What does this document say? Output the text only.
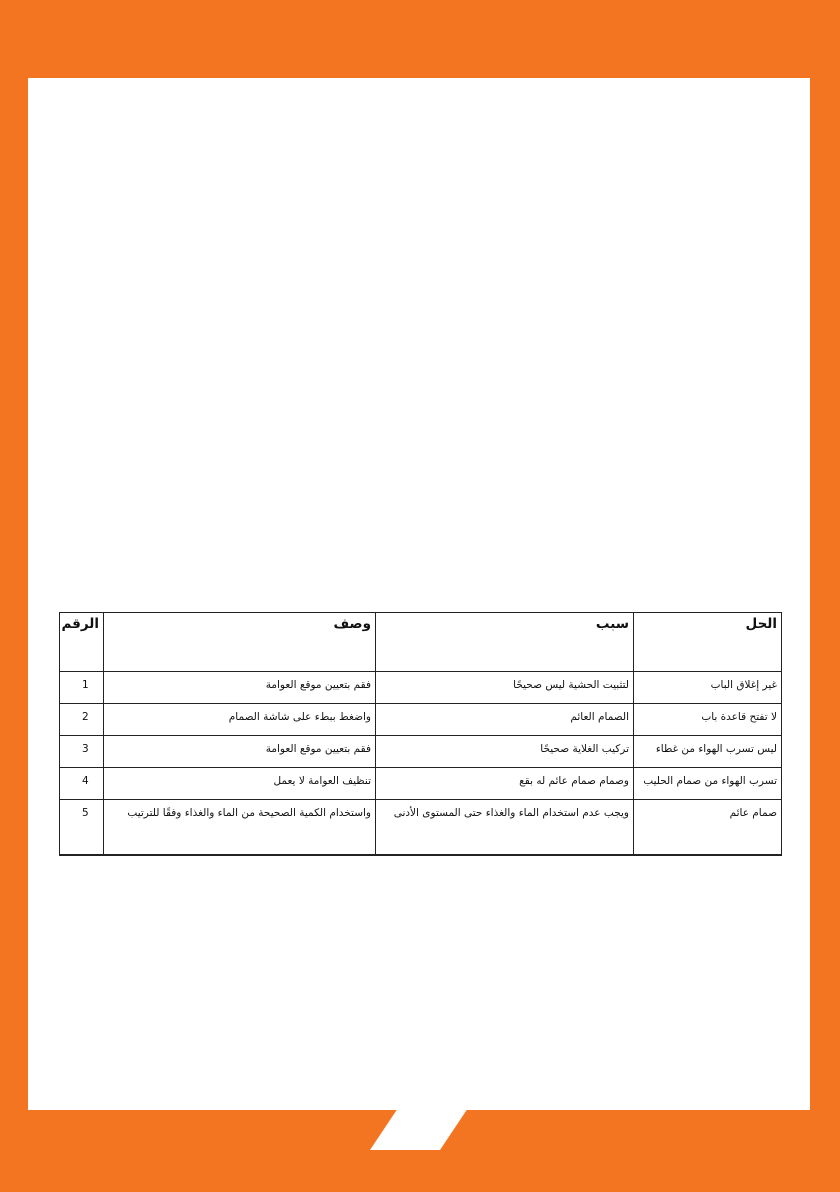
الحل	سبب	وصف	الرقم
غير إغلاق الباب	لتثبيت الحشية ليس صحيحًا	فقم بتعيين موقع العوامة	1
لا تفتح قاعدة باب	الصمام العائم	واضغط ببطء على شاشة الصمام	2
ليس تسرب الهواء من غطاء	تركيب الغلاية صحيحًا	فقم بتعيين موقع العوامة	3
تسرب الهواء من صمام الحليب	وصمام صمام عائم له بقع	تنظيف العوامة لا يعمل	4
صمام عائم	ويجب عدم استخدام الماء والغذاء حتى المستوى الأدنى	واستخدام الكمية الصحيحة من الماء والغذاء وفقًا للترتيب	5
